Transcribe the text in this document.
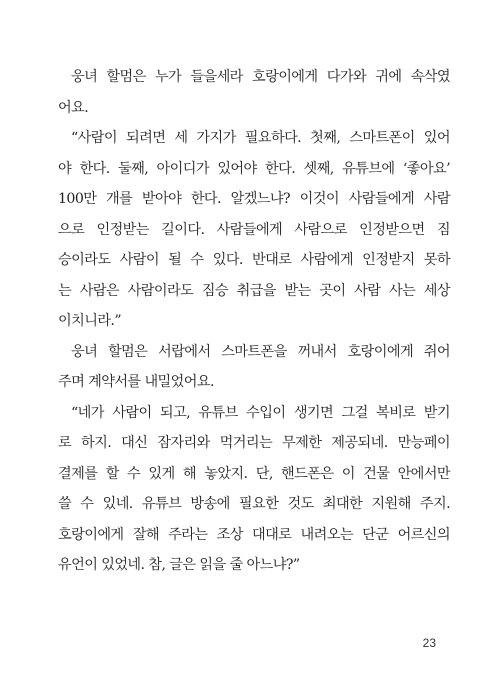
웅녀 할멈은 누가 들을세라 호랑이에게 다가와 귀에 속삭였
어요.
“사람이 되려면 세 가지가 필요하다. 첫째, 스마트폰이 있어
야 한다. 둘째, 아이디가 있어야 한다. 셋째, 유튜브에 ‘좋아요’
100만 개를 받아야 한다. 알겠느냐? 이것이 사람들에게 사람
으로 인정받는 길이다. 사람들에게 사람으로 인정받으면 짐
승이라도 사람이 될 수 있다. 반대로 사람에게 인정받지 못하
는 사람은 사람이라도 짐승 취급을 받는 곳이 사람 사는 세상
이치니라.”
웅녀 할멈은 서랍에서 스마트폰을 꺼내서 호랑이에게 쥐어
주며 계약서를 내밀었어요.
“네가 사람이 되고, 유튜브 수입이 생기면 그걸 복비로 받기
로 하지. 대신 잠자리와 먹거리는 무제한 제공되네. 만능페이
결제를 할 수 있게 해 놓았지. 단, 핸드폰은 이 건물 안에서만
쓸 수 있네. 유튜브 방송에 필요한 것도 최대한 지원해 주지.
호랑이에게 잘해 주라는 조상 대대로 내려오는 단군 어르신의
유언이 있었네. 참, 글은 읽을 줄 아느냐?”
23
